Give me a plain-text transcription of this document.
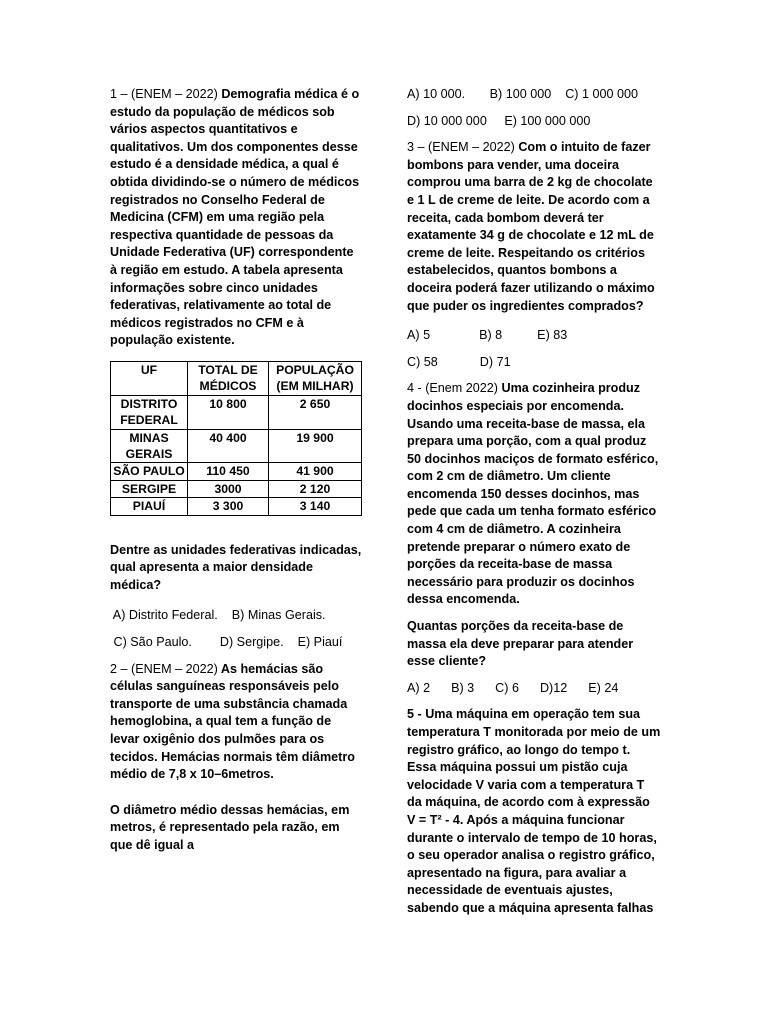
1 – (ENEM – 2022) Demografia médica é o estudo da população de médicos sob vários aspectos quantitativos e qualitativos. Um dos componentes desse estudo é a densidade médica, a qual é obtida dividindo-se o número de médicos registrados no Conselho Federal de Medicina (CFM) em uma região pela respectiva quantidade de pessoas da Unidade Federativa (UF) correspondente à região em estudo. A tabela apresenta informações sobre cinco unidades federativas, relativamente ao total de médicos registrados no CFM e à população existente.

UF	TOTAL DE MÉDICOS	POPULAÇÃO (EM MILHAR)
DISTRITO FEDERAL	10 800	2 650
MINAS GERAIS	40 400	19 900
SÃO PAULO	110 450	41 900
SERGIPE	3000	2 120
PIAUÍ	3 300	3 140

Dentre as unidades federativas indicadas, qual apresenta a maior densidade médica?

A) Distrito Federal.    B) Minas Gerais.

C) São Paulo.        D) Sergipe.    E) Piauí

2 – (ENEM – 2022) As hemácias são células sanguíneas responsáveis pelo transporte de uma substância chamada hemoglobina, a qual tem a função de levar oxigênio dos pulmões para os tecidos. Hemácias normais têm diâmetro médio de 7,8 x 10–6metros.

O diâmetro médio dessas hemácias, em metros, é representado pela razão, em que dê igual a

A) 10 000.       B) 100 000    C) 1 000 000

D) 10 000 000     E) 100 000 000

3 – (ENEM – 2022) Com o intuito de fazer bombons para vender, uma doceira comprou uma barra de 2 kg de chocolate e 1 L de creme de leite. De acordo com a receita, cada bombom deverá ter exatamente 34 g de chocolate e 12 mL de creme de leite. Respeitando os critérios estabelecidos, quantos bombons a doceira poderá fazer utilizando o máximo que puder os ingredientes comprados?

A) 5              B) 8          E) 83

C) 58            D) 71

4 - (Enem 2022) Uma cozinheira produz docinhos especiais por encomenda. Usando uma receita-base de massa, ela prepara uma porção, com a qual produz 50 docinhos maciços de formato esférico, com 2 cm de diâmetro. Um cliente encomenda 150 desses docinhos, mas pede que cada um tenha formato esférico com 4 cm de diâmetro. A cozinheira pretende preparar o número exato de porções da receita-base de massa necessário para produzir os docinhos dessa encomenda.

Quantas porções da receita-base de massa ela deve preparar para atender esse cliente?

A) 2      B) 3      C) 6      D)12      E) 24

5 - Uma máquina em operação tem sua temperatura T monitorada por meio de um registro gráfico, ao longo do tempo t. Essa máquina possui um pistão cuja velocidade V varia com a temperatura T da máquina, de acordo com à expressão V = T² - 4. Após a máquina funcionar durante o intervalo de tempo de 10 horas, o seu operador analisa o registro gráfico, apresentado na figura, para avaliar a necessidade de eventuais ajustes, sabendo que a máquina apresenta falhas
